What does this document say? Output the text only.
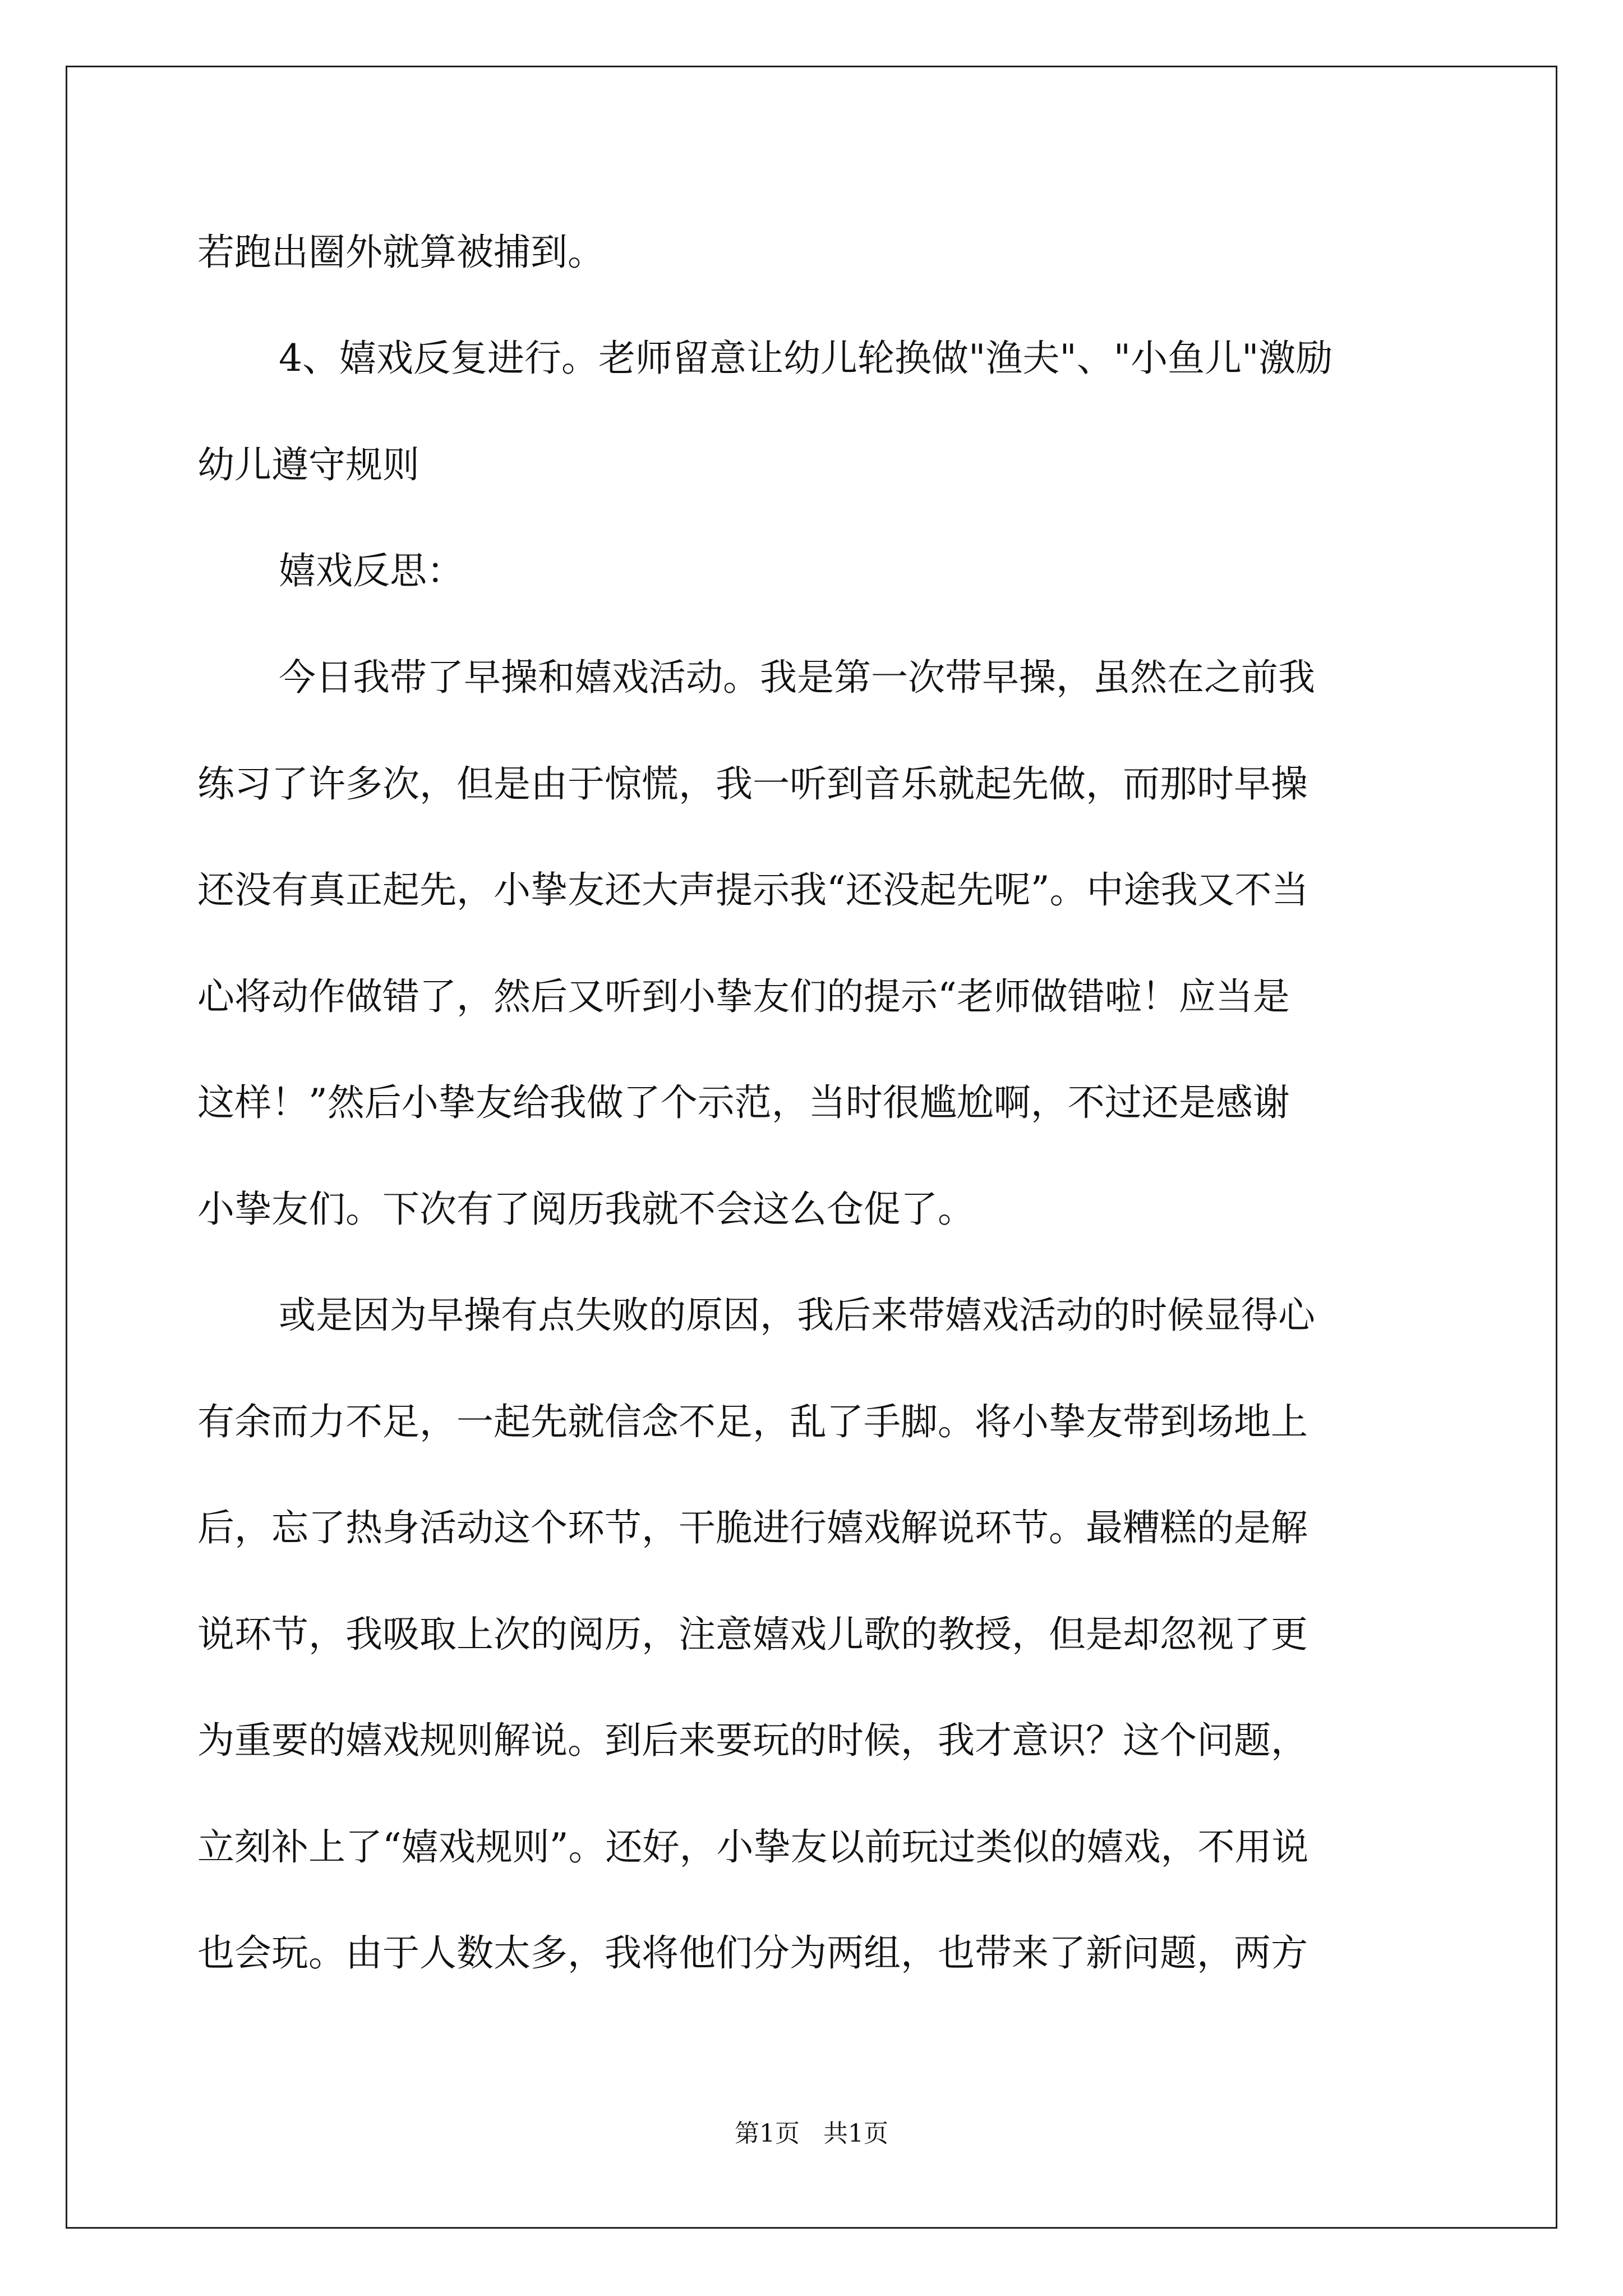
若跑出圈外就算被捕到。
4、嬉戏反复进行。老师留意让幼儿轮换做"渔夫"、"小鱼儿"激励
幼儿遵守规则
嬉戏反思：
今日我带了早操和嬉戏活动。我是第一次带早操，虽然在之前我
练习了许多次，但是由于惊慌，我一听到音乐就起先做，而那时早操
还没有真正起先，小挚友还大声提示我“还没起先呢”。中途我又不当
心将动作做错了，然后又听到小挚友们的提示“老师做错啦！应当是
这样！”然后小挚友给我做了个示范，当时很尴尬啊，不过还是感谢
小挚友们。下次有了阅历我就不会这么仓促了。
或是因为早操有点失败的原因，我后来带嬉戏活动的时候显得心
有余而力不足，一起先就信念不足，乱了手脚。将小挚友带到场地上
后，忘了热身活动这个环节，干脆进行嬉戏解说环节。最糟糕的是解
说环节，我吸取上次的阅历，注意嬉戏儿歌的教授，但是却忽视了更
为重要的嬉戏规则解说。到后来要玩的时候，我才意识？这个问题，
立刻补上了“嬉戏规则”。还好，小挚友以前玩过类似的嬉戏，不用说
也会玩。由于人数太多，我将他们分为两组，也带来了新问题，两方
第1页   共1页
